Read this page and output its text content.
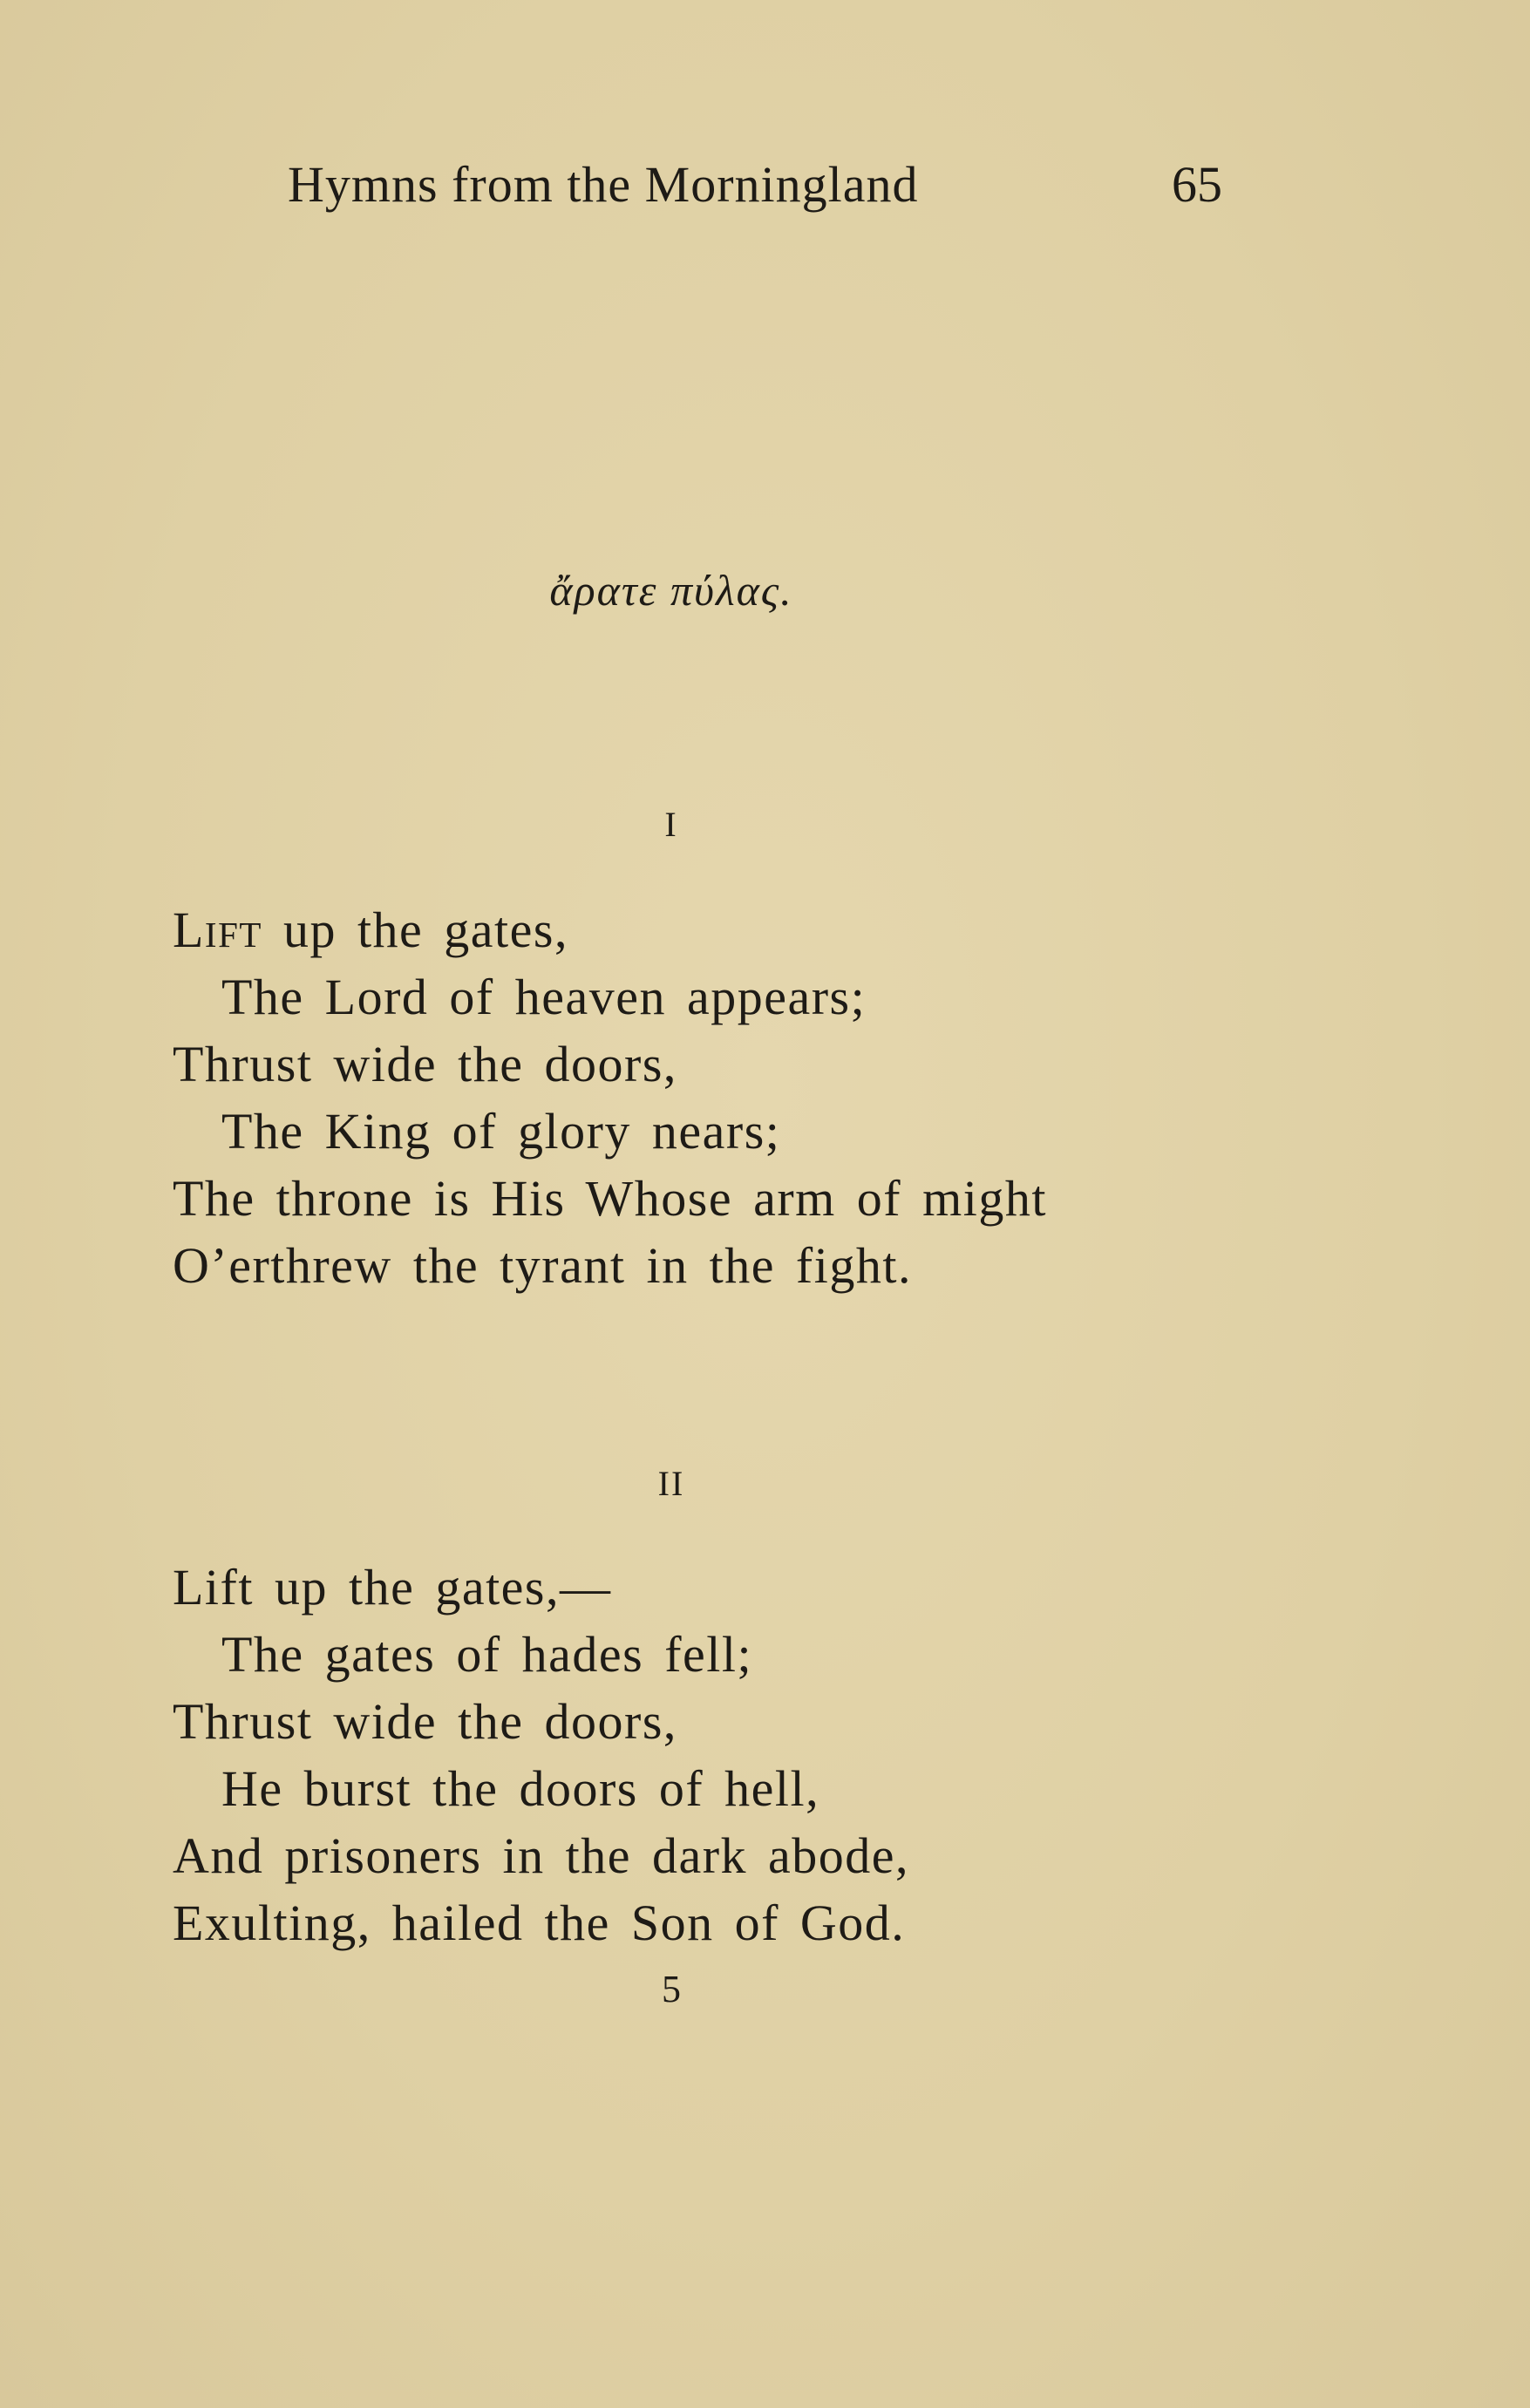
Hymns from the Morningland	65
ἄρατε πύλας.
I
Lift up the gates,
The Lord of heaven appears;
Thrust wide the doors,
The King of glory nears;
The throne is His Whose arm of might
O’erthrew the tyrant in the fight.
II
Lift up the gates,—
The gates of hades fell;
Thrust wide the doors,
He burst the doors of hell,
And prisoners in the dark abode,
Exulting, hailed the Son of God.
5
